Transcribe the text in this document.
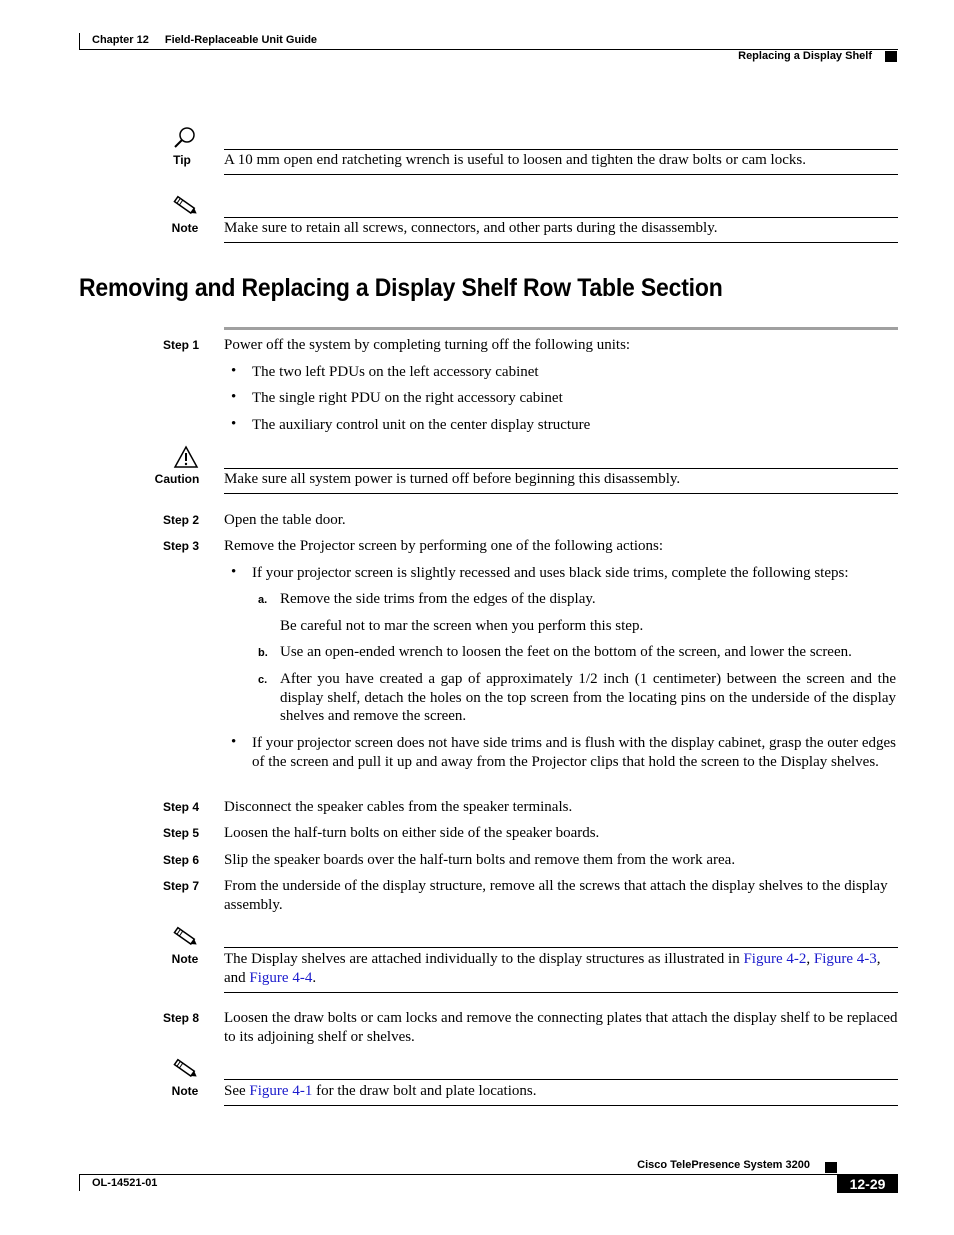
Chapter 12 Field-Replaceable Unit Guide
Replacing a Display Shelf
Tip	A 10 mm open end ratcheting wrench is useful to loosen and tighten the draw bolts or cam locks.
Note	Make sure to retain all screws, connectors, and other parts during the disassembly.
Removing and Replacing a Display Shelf Row Table Section
Step 1 Power off the system by completing turning off the following units:
• The two left PDUs on the left accessory cabinet
• The single right PDU on the right accessory cabinet
• The auxiliary control unit on the center display structure
Caution	Make sure all system power is turned off before beginning this disassembly.
Step 2 Open the table door.
Step 3 Remove the Projector screen by performing one of the following actions:
• If your projector screen is slightly recessed and uses black side trims, complete the following steps:
a. Remove the side trims from the edges of the display.
Be careful not to mar the screen when you perform this step.
b. Use an open-ended wrench to loosen the feet on the bottom of the screen, and lower the screen.
c. After you have created a gap of approximately 1/2 inch (1 centimeter) between the screen and the display shelf, detach the holes on the top screen from the locating pins on the underside of the display shelves and remove the screen.
• If your projector screen does not have side trims and is flush with the display cabinet, grasp the outer edges of the screen and pull it up and away from the Projector clips that hold the screen to the Display shelves.
Step 4 Disconnect the speaker cables from the speaker terminals.
Step 5 Loosen the half-turn bolts on either side of the speaker boards.
Step 6 Slip the speaker boards over the half-turn bolts and remove them from the work area.
Step 7 From the underside of the display structure, remove all the screws that attach the display shelves to the display assembly.
Note	The Display shelves are attached individually to the display structures as illustrated in Figure 4-2, Figure 4-3, and Figure 4-4.
Step 8 Loosen the draw bolts or cam locks and remove the connecting plates that attach the display shelf to be replaced to its adjoining shelf or shelves.
Note	See Figure 4-1 for the draw bolt and plate locations.
Cisco TelePresence System 3200
OL-14521-01	12-29
